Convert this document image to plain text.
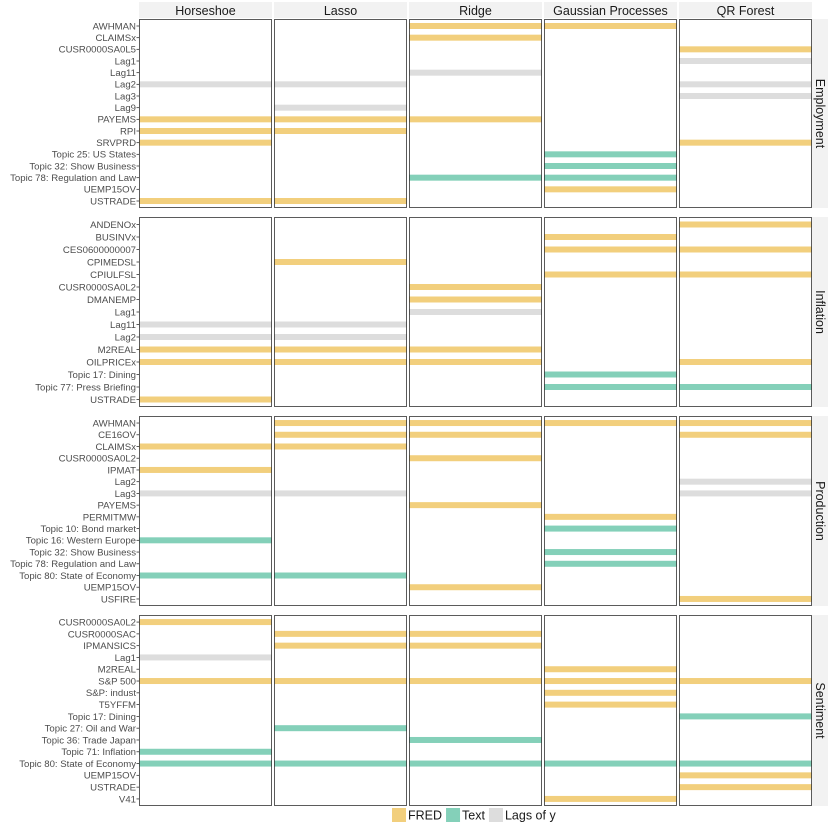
Horseshoe	Lasso	Ridge	Gaussian Processes	QR Forest
Employment
AWHMAN
CLAIMSx
CUSR0000SA0L5
Lag1
Lag11
Lag2
Lag3
Lag9
PAYEMS
RPI
SRVPRD
Topic 25: US States
Topic 32: Show Business
Topic 78: Regulation and Law
UEMP15OV
USTRADE
Inflation
ANDENOx
BUSINVx
CES0600000007
CPIMEDSL
CPIULFSL
CUSR0000SA0L2
DMANEMP
Lag1
Lag11
Lag2
M2REAL
OILPRICEx
Topic 17: Dining
Topic 77: Press Briefing
USTRADE
Production
AWHMAN
CE16OV
CLAIMSx
CUSR0000SA0L2
IPMAT
Lag2
Lag3
PAYEMS
PERMITMW
Topic 10: Bond market
Topic 16: Western Europe
Topic 32: Show Business
Topic 78: Regulation and Law
Topic 80: State of Economy
UEMP15OV
USFIRE
Sentiment
CUSR0000SA0L2
CUSR0000SAC
IPMANSICS
Lag1
M2REAL
S&P 500
S&P: indust
T5YFFM
Topic 17: Dining
Topic 27: Oil and War
Topic 36: Trade Japan
Topic 71: Inflation
Topic 80: State of Economy
UEMP15OV
USTRADE
V41
FRED Text Lags of y
